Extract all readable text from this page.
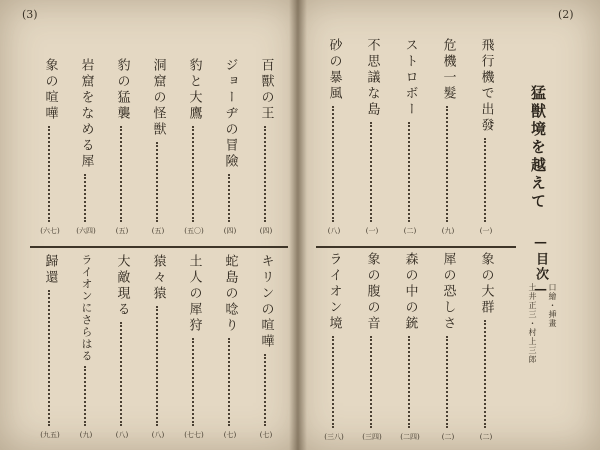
(3)	(2)
猛獣境を越えて
—目次—
口繪・挿畫
土井正三・村上三郎
飛行機で出發
(一)
危機一髮
(九)
ストロボー
(二)
不思議な島
(一)
砂の暴風
(八)
象の大群
(二)
犀の恐しさ
(二)
森の中の銃
(二四)
象の腹の音
(三四)
ライオン境
(三八)
百獸の王
(四)
ジョーヂの冒險
(四)
豹と大鷹
(五〇)
洞窟の怪獣
(五)
豹の猛襲
(五)
岩窟をなめる犀
(六四)
象の喧嘩
(六七)
キリンの喧嘩
(七)
蛇島の唸り
(七)
土人の犀狩
(七七)
猿々猿
(八)
大敵現る
(八)
ライオンにさらはる
(九)
歸還
(九五)
